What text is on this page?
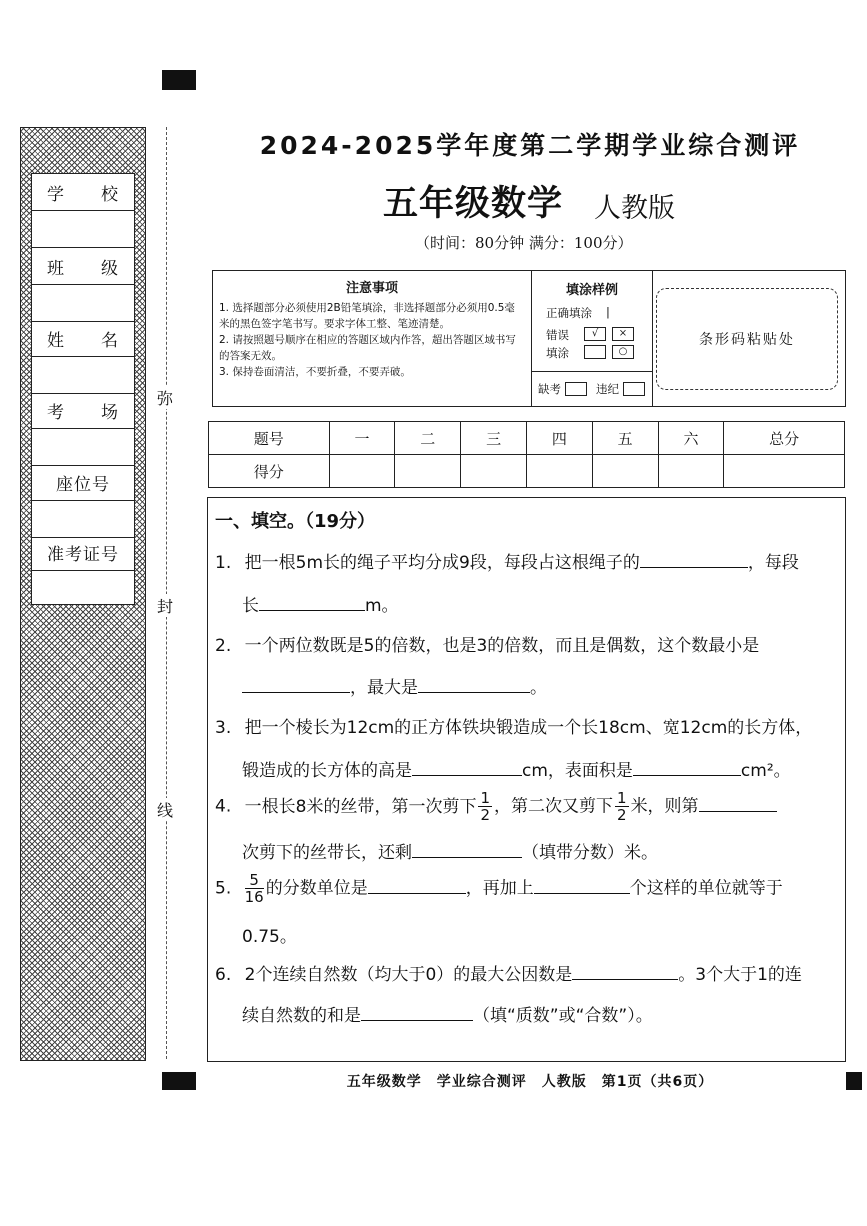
学　　校
班　　级
姓　　名
考　　场
座位号
准考证号
弥
封
线
2024-2025学年度第二学期学业综合测评
五年级数学 人教版
（时间：80分钟 满分：100分）
注意事项
1. 选择题部分必须使用2B铅笔填涂，非选择题部分必须用0.5毫米的黑色签字笔书写。要求字体工整、笔迹清楚。
2. 请按照题号顺序在相应的答题区域内作答，超出答题区域书写的答案无效。
3. 保持卷面清洁，不要折叠，不要弄破。
填涂样例
正确填涂 |
错误
填涂
√	×
○
缺考	违纪
条形码粘贴处
题号	一	二	三	四	五	六	总分
得分							
一、填空。（19分）
1. 把一根5m长的绳子平均分成9段，每段占这根绳子的	，每段
长	m。
2. 一个两位数既是5的倍数，也是3的倍数，而且是偶数，这个数最小是
，最大是	。
3. 把一个棱长为12cm的正方体铁块锻造成一个长18cm、宽12cm的长方体，
锻造成的长方体的高是	cm，表面积是	cm²。
4. 一根长8米的丝带，第一次剪下 $\frac{1}{2}$ ，第二次又剪下 $\frac{1}{2}$ 米，则第
次剪下的丝带长，还剩	（填带分数）米。
5. $\frac{5}{16}$ 的分数单位是	，再加上	个这样的单位就等于
0.75。
6. 2个连续自然数（均大于0）的最大公因数是	。3个大于1的连
续自然数的和是	（填“质数”或“合数”）。
五年级数学　学业综合测评　人教版　第1页（共6页）
